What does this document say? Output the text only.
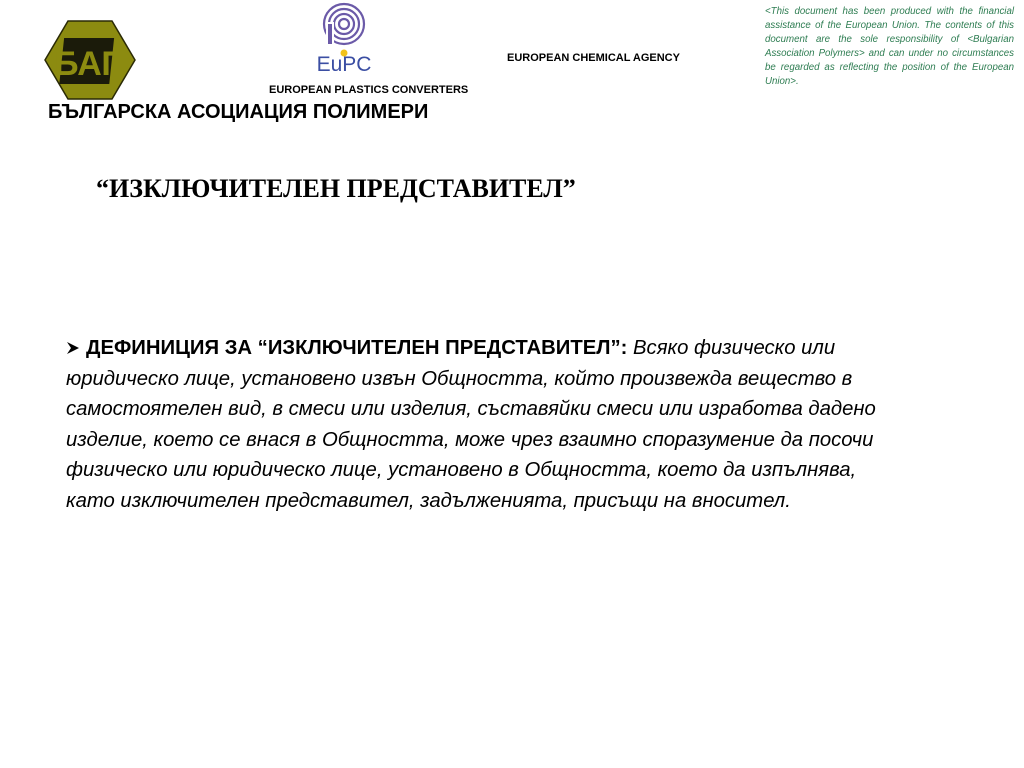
БАП	EuPC	EUROPEAN CHEMICAL AGENCY
EUROPEAN PLASTICS CONVERTERS
БЪЛГАРСКА АСОЦИАЦИЯ ПОЛИМЕРИ
<This document has been produced with the financial assistance of the European Union. The contents of this document are the sole responsibility of <Bulgarian Association Polymers> and can under no circumstances be regarded as reflecting the position of the European Union>.
“ИЗКЛЮЧИТЕЛЕН ПРЕДСТАВИТЕЛ”
ДЕФИНИЦИЯ ЗА “ИЗКЛЮЧИТЕЛЕН ПРЕДСТАВИТЕЛ”: Всяко физическо или юридическо лице, установено извън Общността, който произвежда вещество в самостоятелен вид, в смеси или изделия, съставяйки смеси или изработва дадено изделие, което се внася в Общността, може чрез взаимно споразумение да посочи физическо или юридическо лице, установено в Общността, което да изпълнява, като изключителен представител, задълженията, присъщи на вносител.
